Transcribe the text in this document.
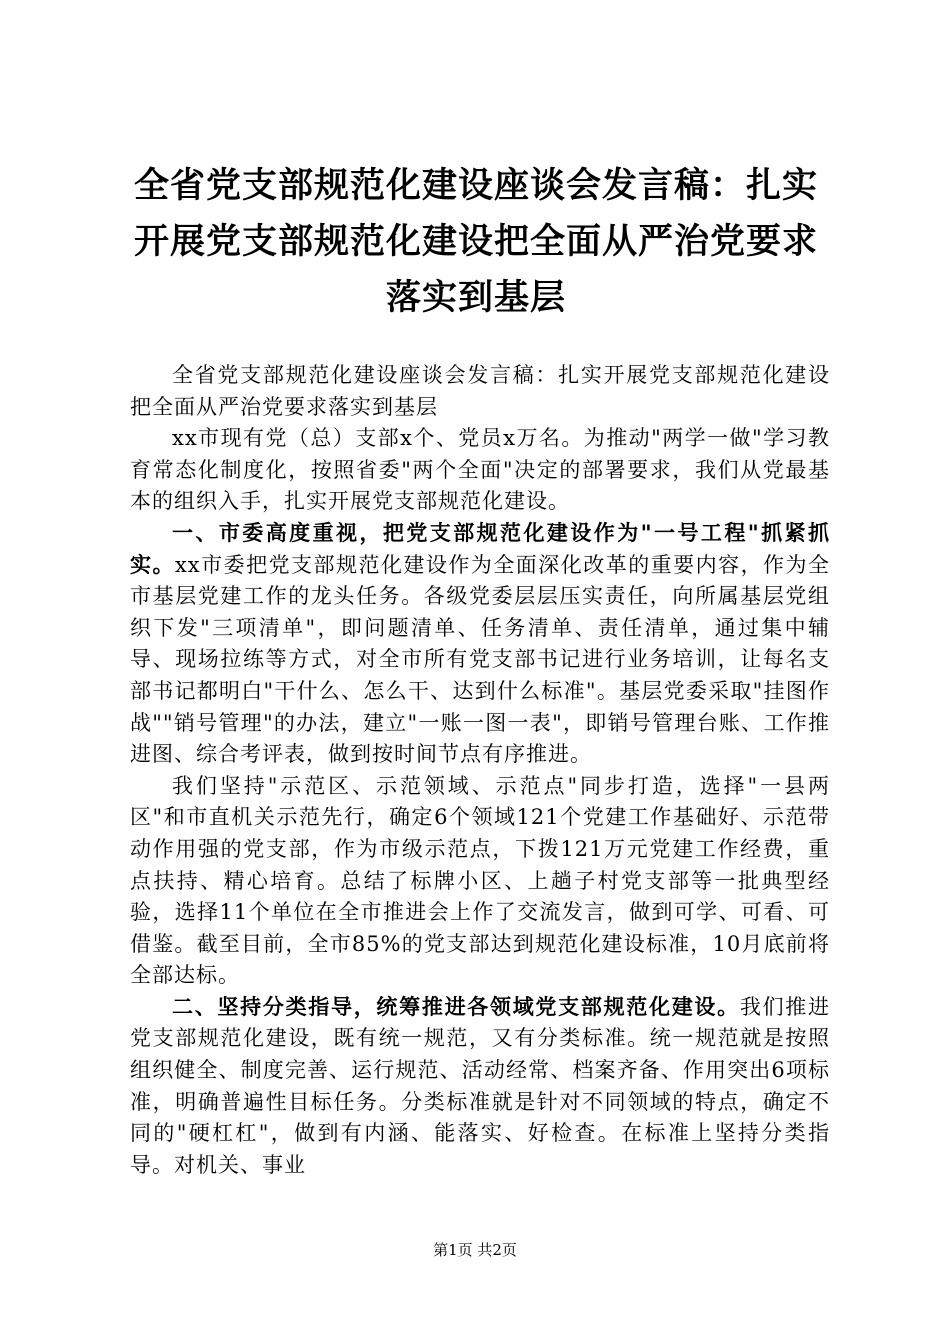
全省党支部规范化建设座谈会发言稿：扎实开展党支部规范化建设把全面从严治党要求落实到基层

全省党支部规范化建设座谈会发言稿：扎实开展党支部规范化建设把全面从严治党要求落实到基层

xx市现有党（总）支部x个、党员x万名。为推动"两学一做"学习教育常态化制度化，按照省委"两个全面"决定的部署要求，我们从党最基本的组织入手，扎实开展党支部规范化建设。

一、市委高度重视，把党支部规范化建设作为"一号工程"抓紧抓实。xx市委把党支部规范化建设作为全面深化改革的重要内容，作为全市基层党建工作的龙头任务。各级党委层层压实责任，向所属基层党组织下发"三项清单"，即问题清单、任务清单、责任清单，通过集中辅导、现场拉练等方式，对全市所有党支部书记进行业务培训，让每名支部书记都明白"干什么、怎么干、达到什么标准"。基层党委采取"挂图作战""销号管理"的办法，建立"一账一图一表"，即销号管理台账、工作推进图、综合考评表，做到按时间节点有序推进。

我们坚持"示范区、示范领域、示范点"同步打造，选择"一县两区"和市直机关示范先行，确定6个领域121个党建工作基础好、示范带动作用强的党支部，作为市级示范点，下拨121万元党建工作经费，重点扶持、精心培育。总结了标牌小区、上趟子村党支部等一批典型经验，选择11个单位在全市推进会上作了交流发言，做到可学、可看、可借鉴。截至目前，全市85%的党支部达到规范化建设标准，10月底前将全部达标。

二、坚持分类指导，统筹推进各领域党支部规范化建设。我们推进党支部规范化建设，既有统一规范，又有分类标准。统一规范就是按照组织健全、制度完善、运行规范、活动经常、档案齐备、作用突出6项标准，明确普遍性目标任务。分类标准就是针对不同领域的特点，确定不同的"硬杠杠"，做到有内涵、能落实、好检查。在标准上坚持分类指导。对机关、事业

第1页 共2页
